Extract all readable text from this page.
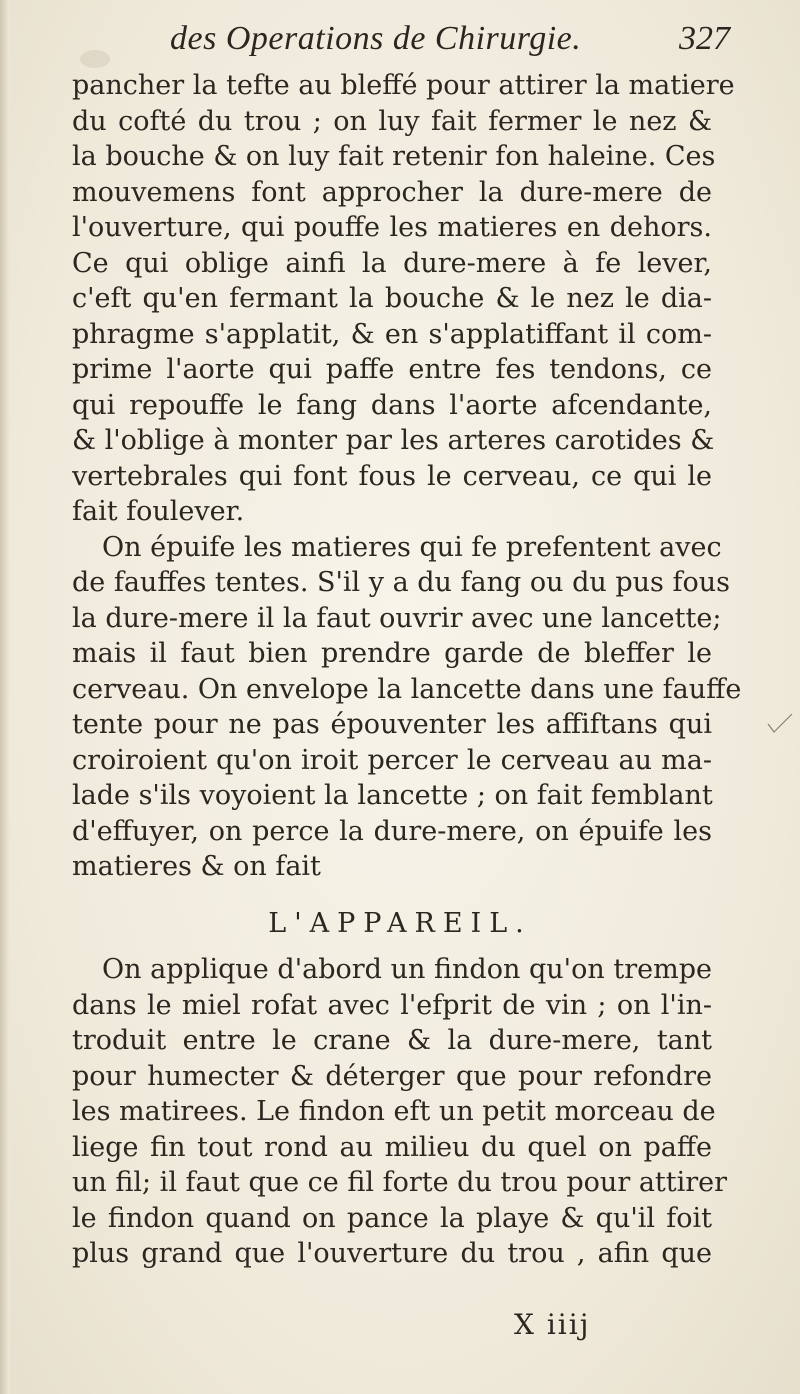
des Operations de Chirurgie.	327
pancher la tefte au bleffé pour attirer la matiere
du cofté du trou ; on luy fait fermer le nez &
la bouche & on luy fait retenir fon haleine. Ces
mouvemens font approcher la dure-mere de
l'ouverture, qui pouffe les matieres en dehors.
Ce qui oblige ainfi la dure-mere à fe lever,
c'eft qu'en fermant la bouche & le nez le dia-
phragme s'applatit, & en s'applatiffant il com-
prime l'aorte qui paffe entre fes tendons, ce
qui repouffe le fang dans l'aorte afcendante,
& l'oblige à monter par les arteres carotides &
vertebrales qui font fous le cerveau, ce qui le
fait foulever.
On épuife les matieres qui fe prefentent avec
de fauffes tentes. S'il y a du fang ou du pus fous
la dure-mere il la faut ouvrir avec une lancette;
mais il faut bien prendre garde de bleffer le
cerveau. On envelope la lancette dans une fauffe
tente pour ne pas épouventer les affiftans qui
croiroient qu'on iroit percer le cerveau au ma-
lade s'ils voyoient la lancette ; on fait femblant
d'effuyer, on perce la dure-mere, on épuife les
matieres & on fait
L'APPAREIL.
On applique d'abord un findon qu'on trempe
dans le miel rofat avec l'efprit de vin ; on l'in-
troduit entre le crane & la dure-mere, tant
pour humecter & déterger que pour refondre
les matirees. Le findon eft un petit morceau de
liege fin tout rond au milieu du quel on paffe
un fil; il faut que ce fil forte du trou pour attirer
le findon quand on pance la playe & qu'il foit
plus grand que l'ouverture du trou , afin que
X iiij
